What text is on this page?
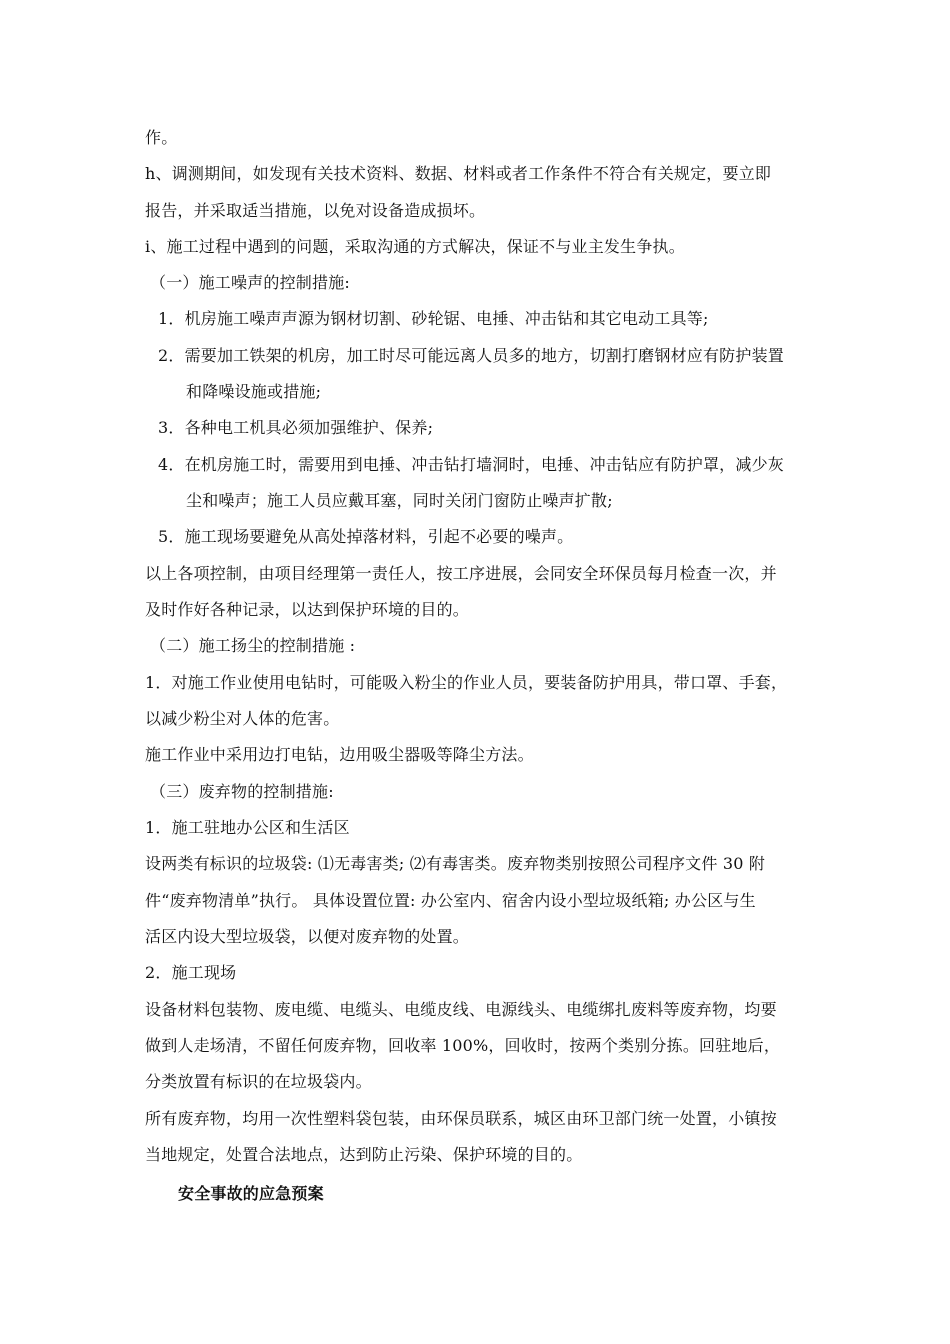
作。
h、调测期间，如发现有关技术资料、数据、材料或者工作条件不符合有关规定，要立即
报告，并采取适当措施，以免对设备造成损坏。
i、施工过程中遇到的问题，采取沟通的方式解决，保证不与业主发生争执。
（一）施工噪声的控制措施:
1．机房施工噪声声源为钢材切割、砂轮锯、电捶、冲击钻和其它电动工具等;
2．需要加工铁架的机房，加工时尽可能远离人员多的地方，切割打磨钢材应有防护装置
和降噪设施或措施;
3．各种电工机具必须加强维护、保养;
4．在机房施工时，需要用到电捶、冲击钻打墙洞时，电捶、冲击钻应有防护罩，减少灰
尘和噪声；施工人员应戴耳塞，同时关闭门窗防止噪声扩散;
5．施工现场要避免从高处掉落材料，引起不必要的噪声。
以上各项控制，由项目经理第一责任人，按工序进展，会同安全环保员每月检查一次，并
及时作好各种记录，以达到保护环境的目的。
（二）施工扬尘的控制措施 :
1．对施工作业使用电钻时，可能吸入粉尘的作业人员，要装备防护用具，带口罩、手套，
以减少粉尘对人体的危害。
施工作业中采用边打电钻，边用吸尘器吸等降尘方法。
（三）废弃物的控制措施:
1．施工驻地办公区和生活区
设两类有标识的垃圾袋: ⑴无毒害类; ⑵有毒害类。废弃物类别按照公司程序文件 30 附
件“废弃物清单”执行。 具体设置位置: 办公室内、宿舍内设小型垃圾纸箱; 办公区与生
活区内设大型垃圾袋，以便对废弃物的处置。
2．施工现场
设备材料包装物、废电缆、电缆头、电缆皮线、电源线头、电缆绑扎废料等废弃物，均要
做到人走场清，不留任何废弃物，回收率 100%，回收时，按两个类别分拣。回驻地后，
分类放置有标识的在垃圾袋内。
所有废弃物，均用一次性塑料袋包装，由环保员联系，城区由环卫部门统一处置，小镇按
当地规定，处置合法地点，达到防止污染、保护环境的目的。
安全事故的应急预案
